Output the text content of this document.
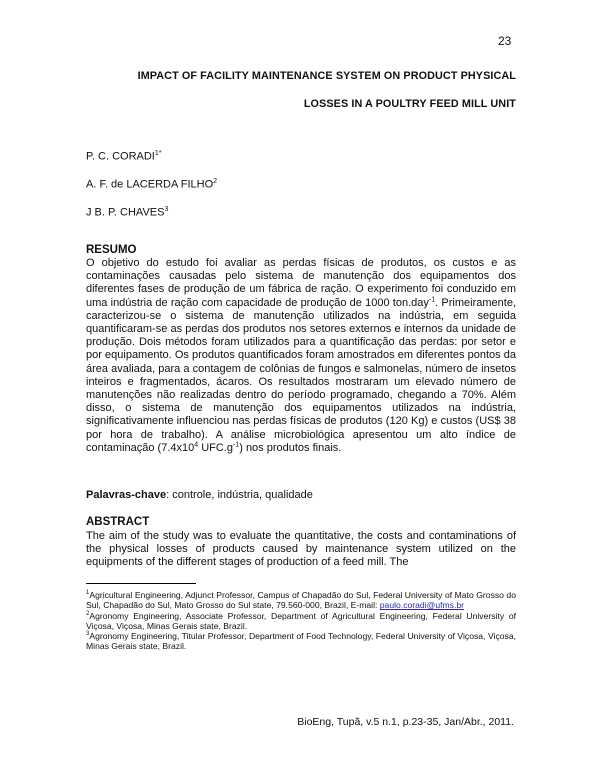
23
IMPACT OF FACILITY MAINTENANCE SYSTEM ON PRODUCT PHYSICAL
LOSSES IN A POULTRY FEED MILL UNIT
P. C. $CORADI^{1*}$
A. F. de LACERDA FILHO$^2$
J B. P. CHAVES$^3$
RESUMO
O objetivo do estudo foi avaliar as perdas físicas de produtos, os custos e as contaminações causadas pelo sistema de manutenção dos equipamentos dos diferentes fases de produção de um fábrica de ração. O experimento foi conduzido em uma indústria de ração com capacidade de produção de 1000 ton.day$^{-1}$. Primeiramente, caracterizou-se o sistema de manutenção utilizados na indústria, em seguida quantificaram-se as perdas dos produtos nos setores externos e internos da unidade de produção. Dois métodos foram utilizados para a quantificação das perdas: por setor e por equipamento. Os produtos quantificados foram amostrados em diferentes pontos da área avaliada, para a contagem de colônias de fungos e salmonelas, número de insetos inteiros e fragmentados, ácaros. Os resultados mostraram um elevado número de manutenções não realizadas dentro do período programado, chegando a 70%. Além disso, o sistema de manutenção dos equipamentos utilizados na indústria, significativamente influenciou nas perdas físicas de produtos (120 Kg) e custos (US$ 38 por hora de trabalho). A análise microbiológica apresentou um alto índice de contaminação ($7.4x10^4$ $UFC.g^{-1}$) nos produtos finais.
Palavras-chave: controle, indústria, qualidade
ABSTRACT
The aim of the study was to evaluate the quantitative, the costs and contaminations of the physical losses of products caused by maintenance system utilized on the equipments of the different stages of production of a feed mill. The

$^1$Agricultural Engineering, Adjunct Professor, Campus of Chapadão do Sul, Federal University of Mato Grosso do Sul, Chapadão do Sul, Mato Grosso do Sul state, 79.560-000, Brazil, E-mail: paulo.coradi@ufms.br

$^2$Agronomy Engineering, Associate Professor, Department of Agricultural Engineering, Federal University of Viçosa, Viçosa, Minas Gerais state, Brazil.

$^3$Agronomy Engineering, Titular Professor, Department of Food Technology, Federal University of Viçosa, Viçosa, Minas Gerais state, Brazil.

BioEng, Tupã, v.5 n.1, p.23-35, Jan/Abr., 2011.
